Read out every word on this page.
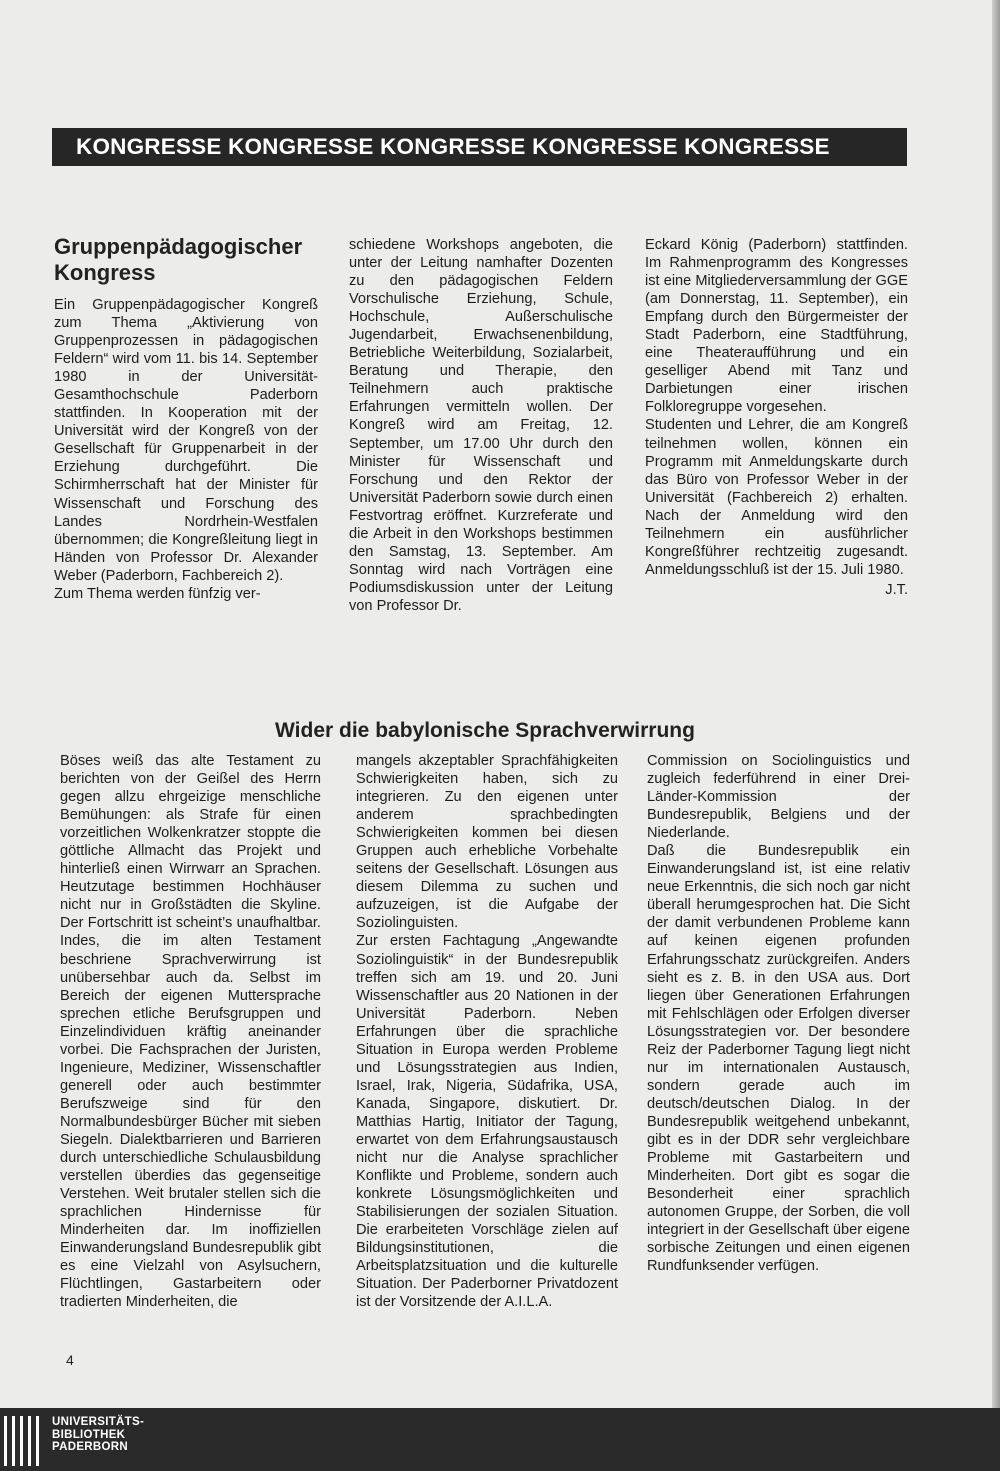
KONGRESSE KONGRESSE KONGRESSE KONGRESSE KONGRESSE
Gruppenpädagogischer
Kongress

Ein Gruppenpädagogischer Kongreß zum Thema „Aktivierung von Gruppenprozessen in pädagogischen Feldern“ wird vom 11. bis 14. September 1980 in der Universität-Gesamthochschule Paderborn stattfinden. In Kooperation mit der Universität wird der Kongreß von der Gesellschaft für Gruppenarbeit in der Erziehung durchgeführt. Die Schirmherrschaft hat der Minister für Wissenschaft und Forschung des Landes Nordrhein-Westfalen übernommen; die Kongreßleitung liegt in Händen von Professor Dr. Alexander Weber (Paderborn, Fachbereich 2).

Zum Thema werden fünfzig ver-

schiedene Workshops angeboten, die unter der Leitung namhafter Dozenten zu den pädagogischen Feldern Vorschulische Erziehung, Schule, Hochschule, Außerschulische Jugendarbeit, Erwachsenenbildung, Betriebliche Weiterbildung, Sozialarbeit, Beratung und Therapie, den Teilnehmern auch praktische Erfahrungen vermitteln wollen. Der Kongreß wird am Freitag, 12. September, um 17.00 Uhr durch den Minister für Wissenschaft und Forschung und den Rektor der Universität Paderborn sowie durch einen Festvortrag eröffnet. Kurzreferate und die Arbeit in den Workshops bestimmen den Samstag, 13. September. Am Sonntag wird nach Vorträgen eine Podiumsdiskussion unter der Leitung von Professor Dr.

Eckard König (Paderborn) stattfinden. Im Rahmenprogramm des Kongresses ist eine Mitgliederversammlung der GGE (am Donnerstag, 11. September), ein Empfang durch den Bürgermeister der Stadt Paderborn, eine Stadtführung, eine Theateraufführung und ein geselliger Abend mit Tanz und Darbietungen einer irischen Folkloregruppe vorgesehen.

Studenten und Lehrer, die am Kongreß teilnehmen wollen, können ein Programm mit Anmeldungskarte durch das Büro von Professor Weber in der Universität (Fachbereich 2) erhalten. Nach der Anmeldung wird den Teilnehmern ein ausführlicher Kongreßführer rechtzeitig zugesandt. Anmeldungsschluß ist der 15. Juli 1980.

J.T.
Wider die babylonische Sprachverwirrung

Böses weiß das alte Testament zu berichten von der Geißel des Herrn gegen allzu ehrgeizige menschliche Bemühungen: als Strafe für einen vorzeitlichen Wolkenkratzer stoppte die göttliche Allmacht das Projekt und hinterließ einen Wirrwarr an Sprachen. Heutzutage bestimmen Hochhäuser nicht nur in Großstädten die Skyline. Der Fortschritt ist scheint’s unaufhaltbar. Indes, die im alten Testament beschriene Sprachverwirrung ist unübersehbar auch da. Selbst im Bereich der eigenen Muttersprache sprechen etliche Berufsgruppen und Einzelindividuen kräftig aneinander vorbei. Die Fachsprachen der Juristen, Ingenieure, Mediziner, Wissenschaftler generell oder auch bestimmter Berufszweige sind für den Normalbundesbürger Bücher mit sieben Siegeln. Dialektbarrieren und Barrieren durch unterschiedliche Schulausbildung verstellen überdies das gegenseitige Verstehen. Weit brutaler stellen sich die sprachlichen Hindernisse für Minderheiten dar. Im inoffiziellen Einwanderungsland Bundesrepublik gibt es eine Vielzahl von Asylsuchern, Flüchtlingen, Gastarbeitern oder tradierten Minderheiten, die

mangels akzeptabler Sprachfähigkeiten Schwierigkeiten haben, sich zu integrieren. Zu den eigenen unter anderem sprachbedingten Schwierigkeiten kommen bei diesen Gruppen auch erhebliche Vorbehalte seitens der Gesellschaft. Lösungen aus diesem Dilemma zu suchen und aufzuzeigen, ist die Aufgabe der Soziolinguisten.

Zur ersten Fachtagung „Angewandte Soziolinguistik“ in der Bundesrepublik treffen sich am 19. und 20. Juni Wissenschaftler aus 20 Nationen in der Universität Paderborn. Neben Erfahrungen über die sprachliche Situation in Europa werden Probleme und Lösungsstrategien aus Indien, Israel, Irak, Nigeria, Südafrika, USA, Kanada, Singapore, diskutiert. Dr. Matthias Hartig, Initiator der Tagung, erwartet von dem Erfahrungsaustausch nicht nur die Analyse sprachlicher Konflikte und Probleme, sondern auch konkrete Lösungsmöglichkeiten und Stabilisierungen der sozialen Situation. Die erarbeiteten Vorschläge zielen auf Bildungsinstitutionen, die Arbeitsplatzsituation und die kulturelle Situation. Der Paderborner Privatdozent ist der Vorsitzende der A.I.L.A.

Commission on Sociolinguistics und zugleich federführend in einer Drei-Länder-Kommission der Bundesrepublik, Belgiens und der Niederlande.

Daß die Bundesrepublik ein Einwanderungsland ist, ist eine relativ neue Erkenntnis, die sich noch gar nicht überall herumgesprochen hat. Die Sicht der damit verbundenen Probleme kann auf keinen eigenen profunden Erfahrungsschatz zurückgreifen. Anders sieht es z. B. in den USA aus. Dort liegen über Generationen Erfahrungen mit Fehlschlägen oder Erfolgen diverser Lösungsstrategien vor. Der besondere Reiz der Paderborner Tagung liegt nicht nur im internationalen Austausch, sondern gerade auch im deutsch/deutschen Dialog. In der Bundesrepublik weitgehend unbekannt, gibt es in der DDR sehr vergleichbare Probleme mit Gastarbeitern und Minderheiten. Dort gibt es sogar die Besonderheit einer sprachlich autonomen Gruppe, der Sorben, die voll integriert in der Gesellschaft über eigene sorbische Zeitungen und einen eigenen Rundfunksender verfügen.

4
UNIVERSITÄTS-
BIBLIOTHEK
PADERBORN
